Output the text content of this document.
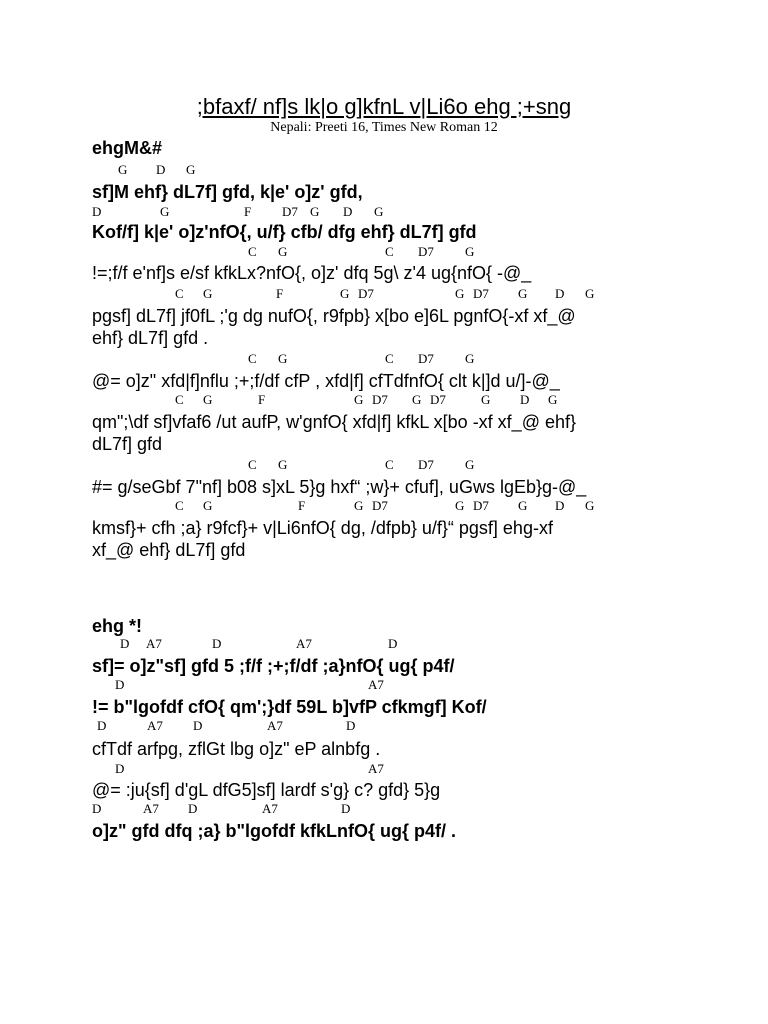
;bfaxf/ nf]s lk|o g]kfnL v|Li6o ehg ;+sng
Nepali: Preeti 16, Times New Roman 12
ehgM&#
sf]M ehf} dL7f] gfd, k|e' o]z' gfd,
Kof/f] k|e' o]z'nfO{, u/f} cfb/ dfg ehf} dL7f] gfd
!=;f/f e'nf]s e/sf kfkLx?nfO{, o]z' dfq 5g\ z'4 ug{nfO{ -@_
pgsf] dL7f] jf0fL ;'g dg nufO{, r9fpb} x[bo e]6L pgnfO{-xf xf_@
ehf} dL7f] gfd .
@= o]z" xfd|f]nflu ;+;f/df cfP , xfd|f] cfTdfnfO{ clt k|]d u/]-@_
qm";\df sf]vfaf6 /ut aufP, w'gnfO{ xfd|f] kfkL x[bo -xf xf_@ ehf}
dL7f] gfd
#= g/seGbf 7"nf] b08 s]xL 5}g hxf“ ;w}+ cfuf], uGws lgEb}g-@_
kmsf}+ cfh ;a} r9fcf}+ v|Li6nfO{ dg, /dfpb} u/f}“ pgsf] ehg-xf
xf_@ ehf} dL7f] gfd
ehg *!
sf]= o]z"sf] gfd 5 ;f/f ;+;f/df ;a}nfO{ ug{ p4f/
!= b"lgofdf cfO{ qm';}df 59L b]vfP cfkmgf] Kof/
cfTdf arfpg, zflGt lbg o]z" eP alnbfg .
@= :ju{sf] d'gL dfG5]sf] lardf s'g} c? gfd} 5}g
o]z" gfd dfq ;a} b"lgofdf kfkLnfO{ ug{ p4f/ .
G D G
D	G	F D7 G D G
C G	C D7 G
C G	F	G D7	G D7 G D G
C G	C D7 G
C G	F	G D7 G D7	G D G
C G	C D7 G
C G	F	G D7	G D7 G D G
D A7	D	A7	D
D	A7
D	A7 D	A7	D
D	A7
D	A7 D	A7	D
